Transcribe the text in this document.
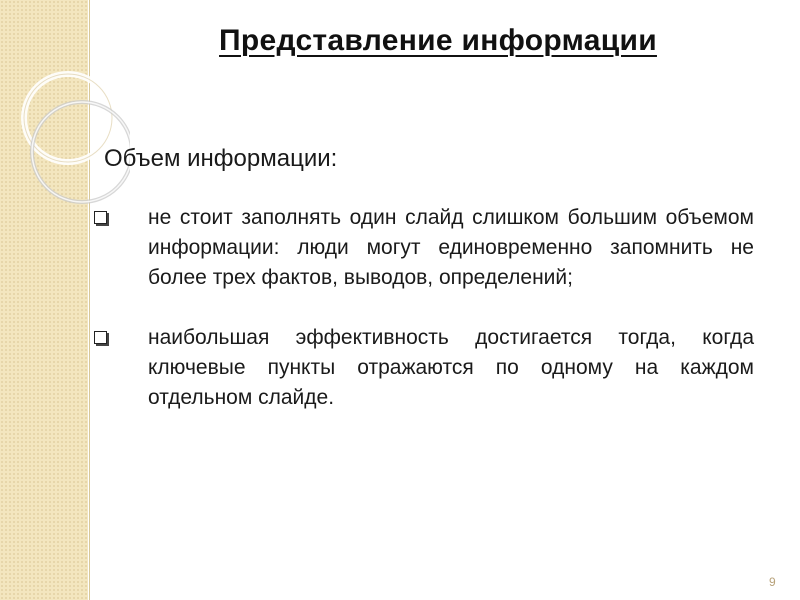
Представление информации
Объем информации:

не стоит заполнять один слайд слишком большим объемом информации: люди могут единовременно запомнить не более трех фактов, выводов, определений;

наибольшая эффективность достигается тогда, когда ключевые пункты отражаются по одному на каждом отдельном слайде.

9
